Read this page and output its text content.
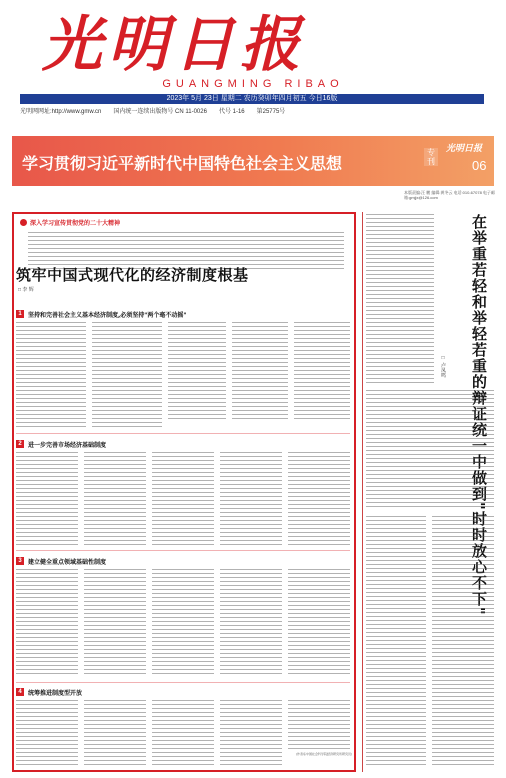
光明日报
GUANGMING RIBAO
2023年 5月 23日 星期二 农历癸卯年四月初五 今日16版
光明网网址:http://www.gmw.cn 国内统一连续出版物号 CN 11-0026 代号 1-16 第25775号
学习贯彻习近平新时代中国特色社会主义思想
专刊
光明日报
06
本版责编:汪 鹏 编辑:黄冬云 电话:010-67078 电子邮箱:gmjjx@126.com
深入学习宣传贯彻党的二十大精神
筑牢中国式现代化的经济制度根基
□ 李 辉
1	坚持和完善社会主义基本经济制度,必须坚持"两个毫不动摇"
2	进一步完善市场经济基础制度
3	建立健全重点领域基础性制度
4	统筹推进制度型开放
(作者系中国社会科学院经济研究所研究员)
在举重若轻和举轻若重的辩证统一中做到"时时放心不下"
□ 卢凤鸣
